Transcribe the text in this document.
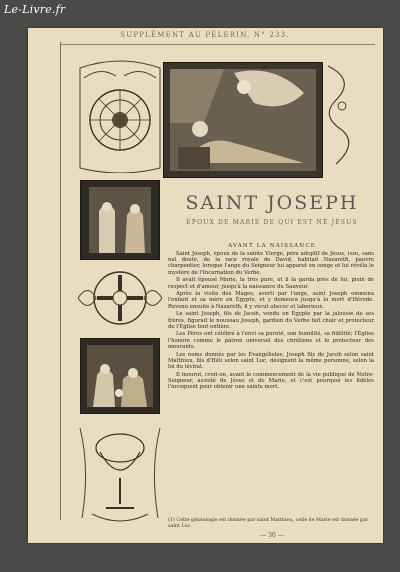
Le-Livre.fr
SUPPLÉMENT AU PÈLERIN, N° 233.
SAINT JOSEPH
ÉPOUX DE MARIE DE QUI EST NÉ JÉSUS
AVANT LA NAISSANCE

Saint Joseph, époux de la sainte Vierge, père adoptif de Jésus, issu, sans nul doute, de la race royale de David, habitait Nazareth, pauvre charpentier, lorsque l'ange du Seigneur lui apparut en songe et lui révéla le mystère de l'Incarnation du Verbe.

Il avait épousé Marie, la très pure, et il la garda près de lui, plein de respect et d'amour, jusqu'à la naissance du Sauveur.

Après la visite des Mages, averti par l'ange, saint Joseph emmena l'enfant et sa mère en Égypte, et y demeura jusqu'à la mort d'Hérode. Revenu ensuite à Nazareth, il y vécut obscur et laborieux.

Le saint Joseph, fils de Jacob, vendu en Égypte par la jalousie de ses frères, figurait le nouveau Joseph, gardien du Verbe fait chair et protecteur de l'Église tout entière.

Les Pères ont célébré à l'envi sa pureté, son humilité, sa fidélité; l'Église l'honore comme le patron universel des chrétiens et le protecteur des mourants.

Les noms donnés par les Évangélistes, Joseph fils de Jacob selon saint Matthieu, fils d'Héli selon saint Luc, désignent la même personne, selon la loi du lévirat.

Il mourut, croit-on, avant le commencement de la vie publique de Notre-Seigneur, assisté de Jésus et de Marie, et c'est pourquoi les fidèles l'invoquent pour obtenir une sainte mort.

(1) Cette généalogie est donnée par saint Matthieu, celle de Marie est donnée par saint Luc.
— 30 —
